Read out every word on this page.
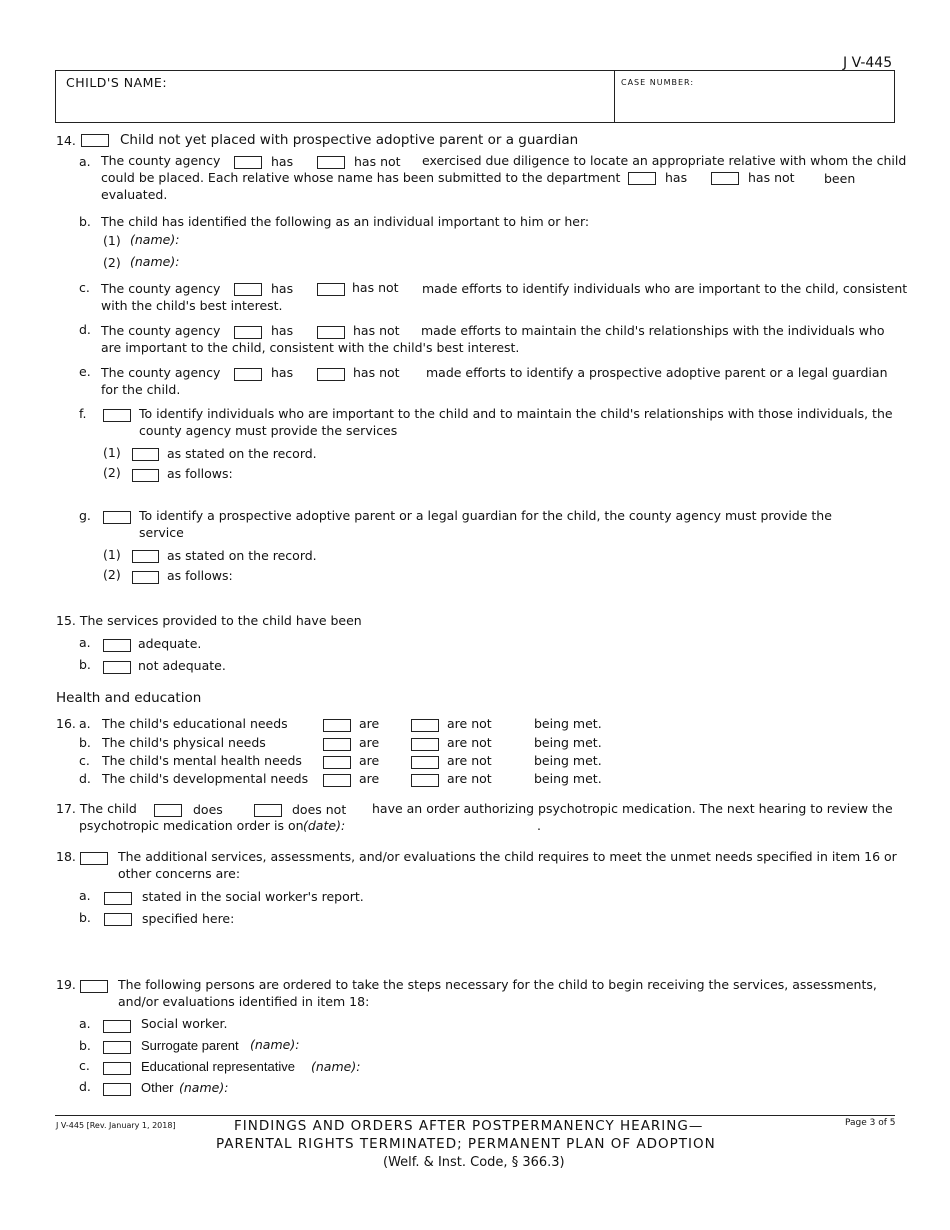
J V-445
CHILD'S NAME:	CASE NUMBER:
14.	Child not yet placed with prospective adoptive parent or a guardian
a. The county agency	has	has not exercised due diligence to locate an appropriate relative with whom the child
could be placed. Each relative whose name has been submitted to the department	has	has not been
evaluated.
b. The child has identified the following as an individual important to him or her:
(1) (name):
(2) (name):
c. The county agency	has	has not made efforts to identify individuals who are important to the child, consistent
with the child's best interest.
d. The county agency	has	has not made efforts to maintain the child's relationships with the individuals who
are important to the child, consistent with the child's best interest.
e. The county agency	has	has not made efforts to identify a prospective adoptive parent or a legal guardian
for the child.
f.	To identify individuals who are important to the child and to maintain the child's relationships with those individuals, the
county agency must provide the services
(1)	as stated on the record.
(2)	as follows:
g.	To identify a prospective adoptive parent or a legal guardian for the child, the county agency must provide the
service
(1)	as stated on the record.
(2)	as follows:
15. The services provided to the child have been
a.	adequate.
b.	not adequate.
Health and education
16. a. The child's educational needs	are	are not	being met.
b. The child's physical needs	are	are not	being met.
c. The child's mental health needs	are	are not	being met.
d. The child's developmental needs	are	are not	being met.
17. The child	does	does not have an order authorizing psychotropic medication. The next hearing to review the
psychotropic medication order is on (date):	.
18.	The additional services, assessments, and/or evaluations the child requires to meet the unmet needs specified in item 16 or
other concerns are:
a.	stated in the social worker's report.
b.	specified here:
19.	The following persons are ordered to take the steps necessary for the child to begin receiving the services, assessments,
and/or evaluations identified in item 18:
a.	Social worker.
b.	Surrogate parent (name):
c.	Educational representative (name):
d.	Other (name):
J V-445 [Rev. January 1, 2018]	FINDINGS AND ORDERS AFTER POSTPERMANENCY HEARING—
PARENTAL RIGHTS TERMINATED; PERMANENT PLAN OF ADOPTION
(Welf. & Inst. Code, § 366.3)
Page 3 of 5
